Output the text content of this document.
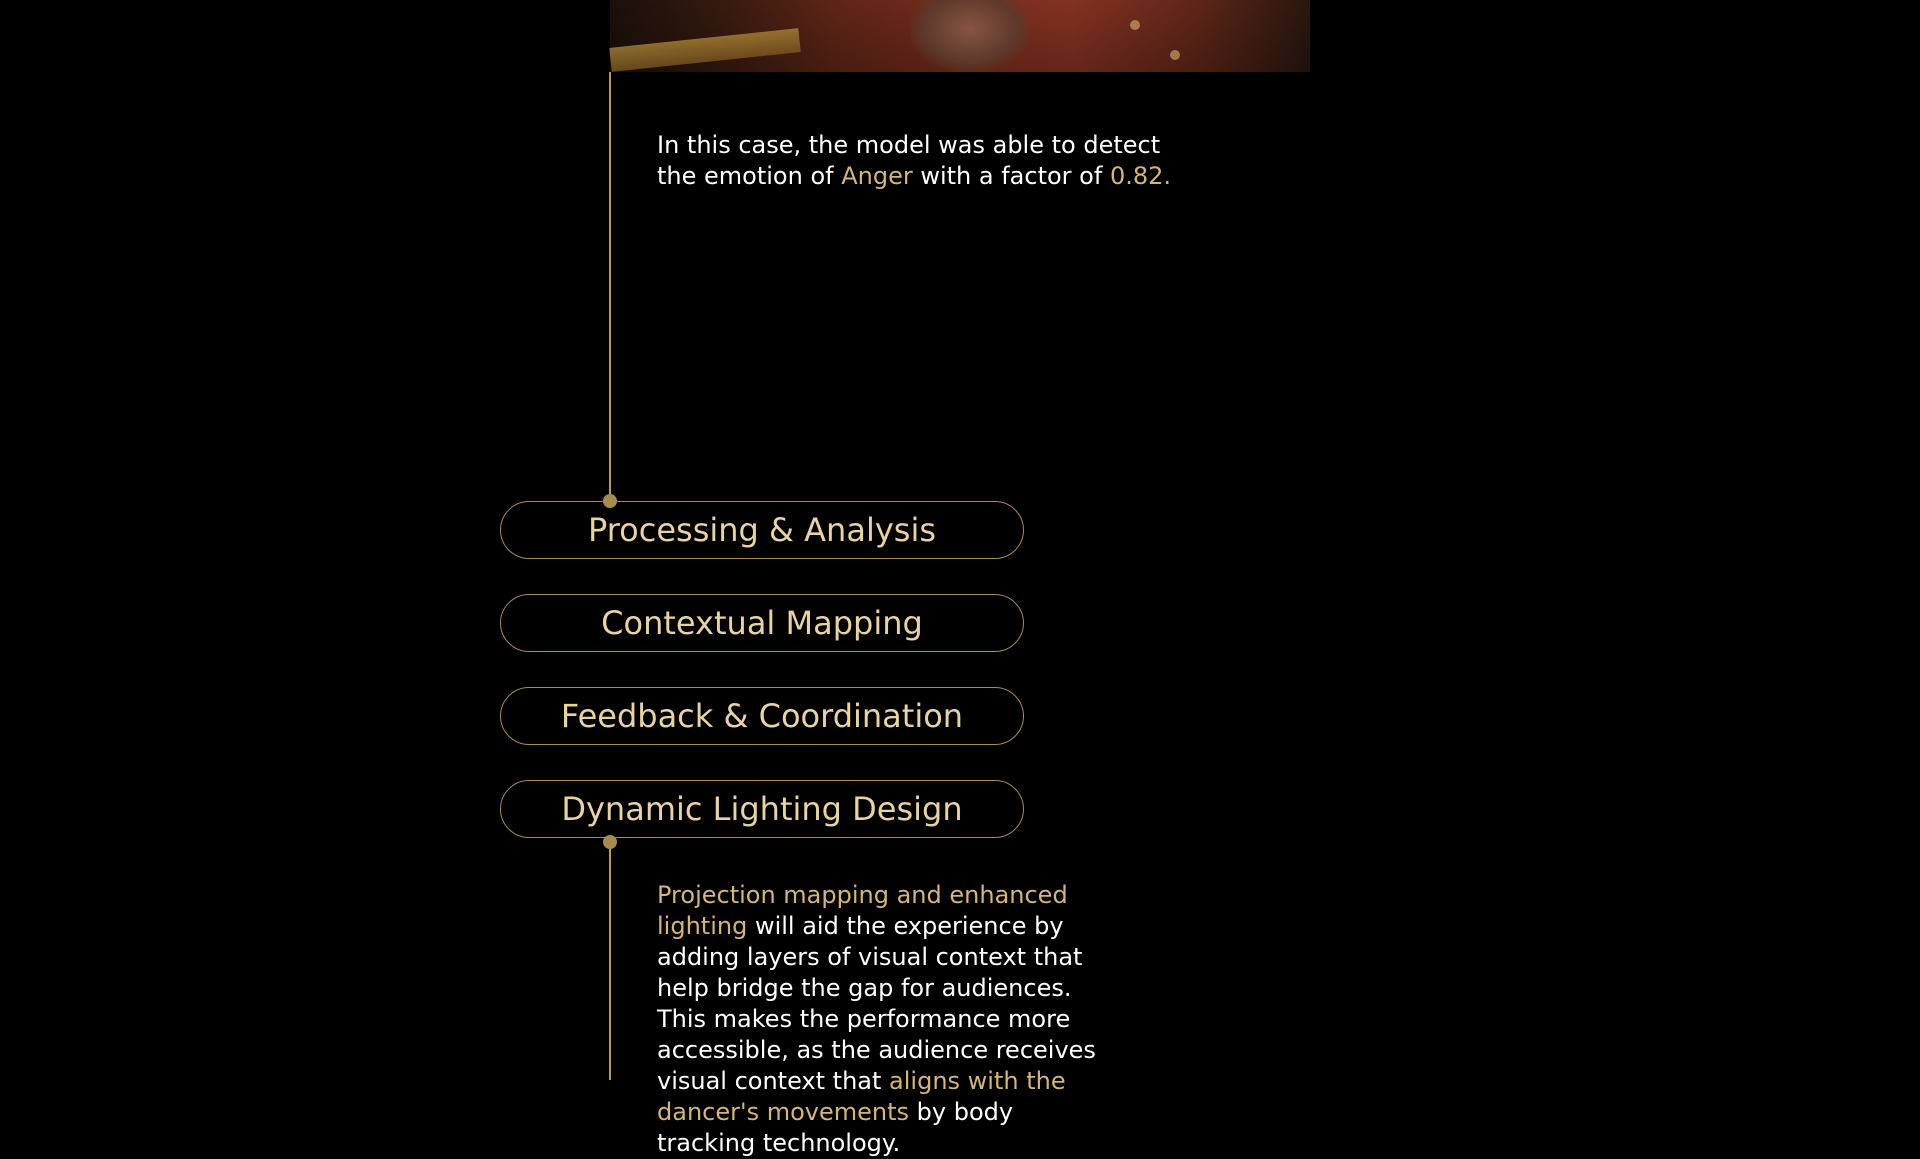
In this case, the model was able to detect the emotion of Anger with a factor of 0.82.

Processing & Analysis
Contextual Mapping
Feedback & Coordination
Dynamic Lighting Design

Projection mapping and enhanced lighting will aid the experience by adding layers of visual context that help bridge the gap for audiences. This makes the performance more accessible, as the audience receives visual context that aligns with the dancer's movements by body tracking technology.
